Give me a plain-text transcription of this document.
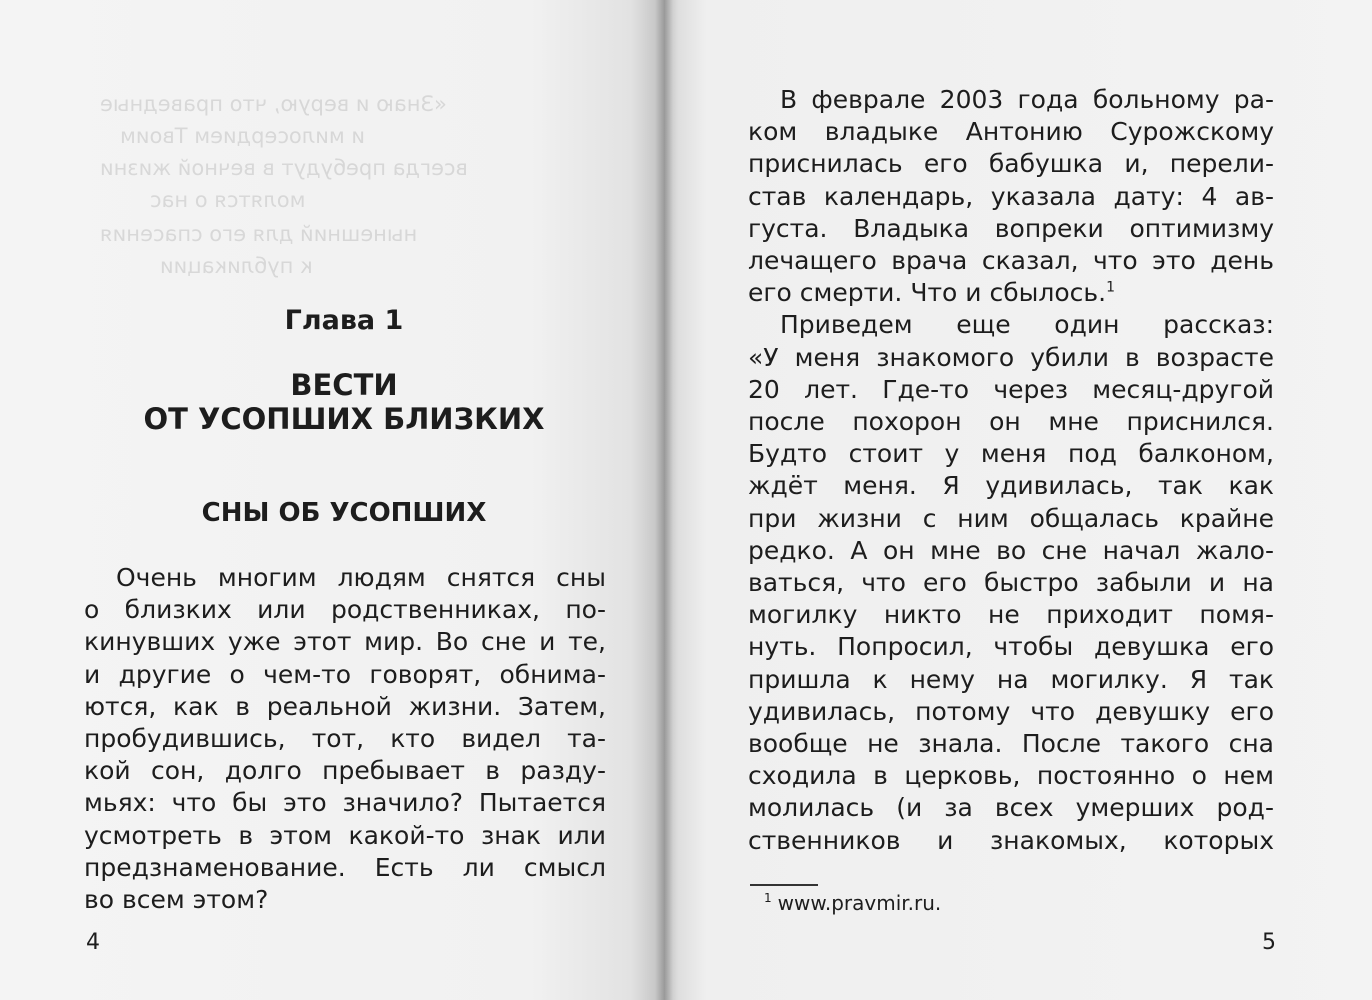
«Знаю и верую, что праведные
и милосердием Твоим
всегда пребудут в вечной жизни
молятся о нас
нынешний для его спасения
к публикации
Глава 1
ВЕСТИ
ОТ УСОПШИХ БЛИЗКИХ
СНЫ ОБ УСОПШИХ
Очень многим людям снятся сны
о близких или родственниках, по-
кинувших уже этот мир. Во сне и те,
и другие о чем-то говорят, обнима-
ются, как в реальной жизни. Затем,
пробудившись, тот, кто видел та-
кой сон, долго пребывает в разду-
мьях: что бы это значило? Пытается
усмотреть в этом какой-то знак или
предзнаменование. Есть ли смысл
во всем этом?
4
В феврале 2003 года больному ра-
ком владыке Антонию Сурожскому
приснилась его бабушка и, перели-
став календарь, указала дату: 4 ав-
густа. Владыка вопреки оптимизму
лечащего врача сказал, что это день
его смерти. Что и сбылось.$^1$
Приведем еще один рассказ:
«У меня знакомого убили в возрасте
20 лет. Где-то через месяц-другой
после похорон он мне приснился.
Будто стоит у меня под балконом,
ждёт меня. Я удивилась, так как
при жизни с ним общалась крайне
редко. А он мне во сне начал жало-
ваться, что его быстро забыли и на
могилку никто не приходит помя-
нуть. Попросил, чтобы девушка его
пришла к нему на могилку. Я так
удивилась, потому что девушку его
вообще не знала. После такого сна
сходила в церковь, постоянно о нем
молилась (и за всех умерших род-
ственников и знакомых, которых
$^1$ www.pravmir.ru.
5
